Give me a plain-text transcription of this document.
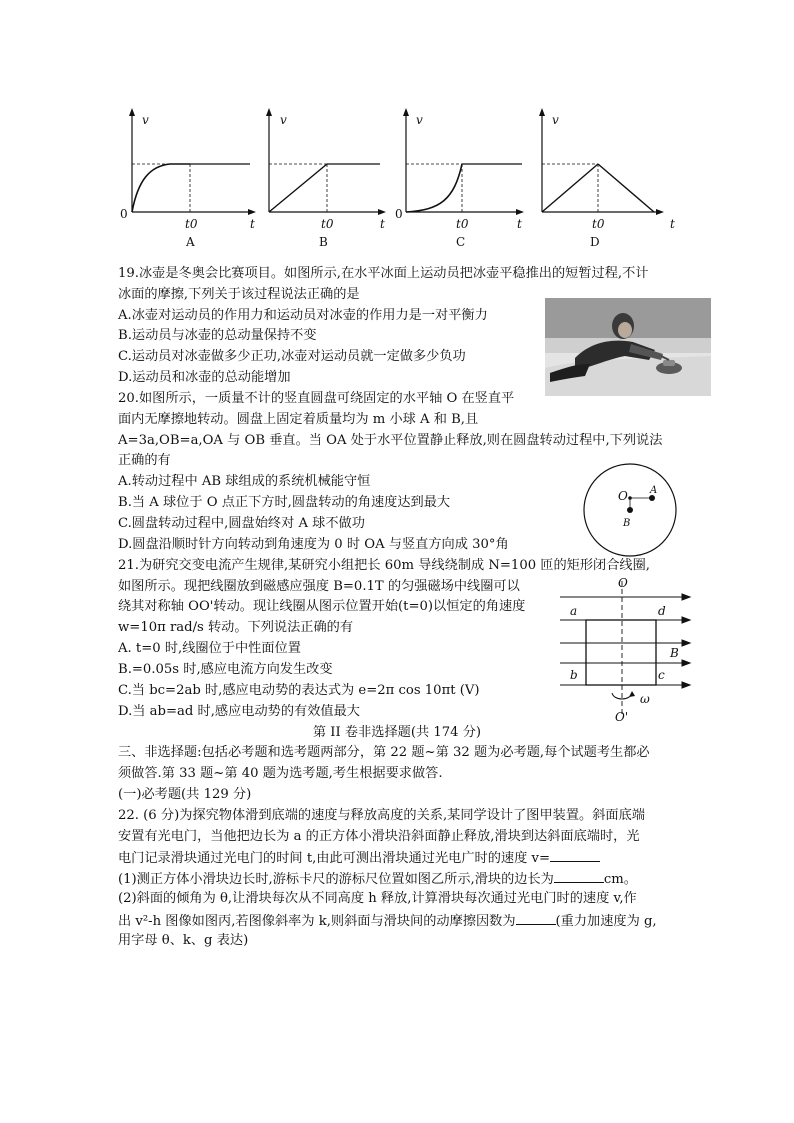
v
t
0
t0
A
v
t
t0
B
v
t
0
t0
C
v
t
t0
D
19.冰壶是冬奥会比赛项目。如图所示,在水平冰面上运动员把冰壶平稳推出的短暂过程,不计
冰面的摩擦,下列关于该过程说法正确的是
A.冰壶对运动员的作用力和运动员对冰壶的作用力是一对平衡力
B.运动员与冰壶的总动量保持不变
C.运动员对冰壶做多少正功,冰壶对运动员就一定做多少负功
D.运动员和冰壶的总动能增加
20.如图所示，一质量不计的竖直圆盘可绕固定的水平轴 O 在竖直平
面内无摩擦地转动。圆盘上固定着质量均为 m 小球 A 和 B,且
A=3a,OB=a,OA 与 OB 垂直。当 OA 处于水平位置静止释放,则在圆盘转动过程中,下列说法
正确的有
A.转动过程中 AB 球组成的系统机械能守恒
B.当 A 球位于 O 点正下方时,圆盘转动的角速度达到最大
C.圆盘转动过程中,圆盘始终对 A 球不做功
D.圆盘沿顺时针方向转动到角速度为 0 时 OA 与竖直方向成 30°角
O A
B
21.为研究交变电流产生规律,某研究小组把长 60m 导线绕制成 N=100 匝的矩形闭合线圈,
如图所示。现把线圈放到磁感应强度 B=0.1T 的匀强磁场中线圈可以
绕其对称轴 OO'转动。现让线圈从图示位置开始(t=0)以恒定的角速度
w=10π rad/s 转动。下列说法正确的有
A. t=0 时,线圈位于中性面位置
B.=0.05s 时,感应电流方向发生改变
C.当 bc=2ab 时,感应电动势的表达式为 e=2π cos 10πt (V)
D.当 ab=ad 时,感应电动势的有效值最大
O
O'
a	d
b	c
B
ω
第 II 卷非选择题(共 174 分)
三、非选择题:包括必考题和选考题两部分，第 22 题~第 32 题为必考题,每个试题考生都必
须做答.第 33 题~第 40 题为选考题,考生根据要求做答.
(一)必考题(共 129 分)
22. (6 分)为探究物体滑到底端的速度与释放高度的关系,某同学设计了图甲装置。斜面底端
安置有光电门，当他把边长为 a 的正方体小滑块沿斜面静止释放,滑块到达斜面底端时，光
电门记录滑块通过光电门的时间 t,由此可测出滑块通过光电广时的速度 v=
(1)测正方体小滑块边长时,游标卡尺的游标尺位置如图乙所示,滑块的边长为	cm。
(2)斜面的倾角为 θ,让滑块每次从不同高度 h 释放,计算滑块每次通过光电门时的速度 v,作
出 v²-h 图像如图丙,若图像斜率为 k,则斜面与滑块间的动摩擦因数为	(重力加速度为 g,
用字母 θ、k、g 表达)
